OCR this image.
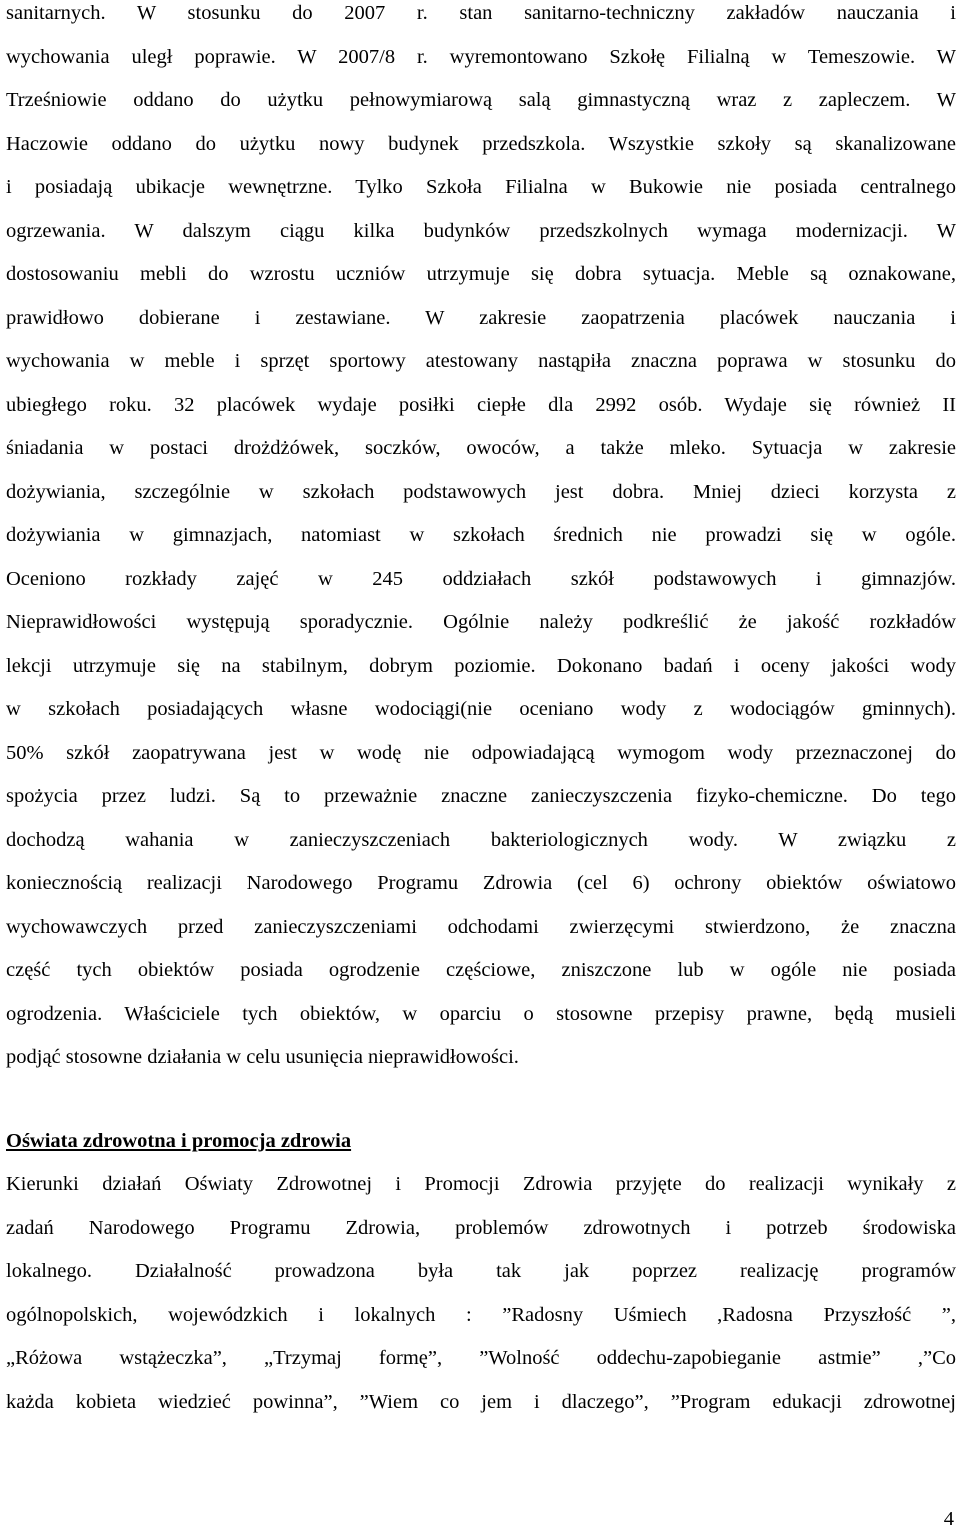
sanitarnych. W stosunku do 2007 r. stan sanitarno-techniczny zakładów nauczania i
wychowania uległ poprawie. W 2007/8 r. wyremontowano Szkołę Filialną w Temeszowie. W
Trześniowie oddano do użytku pełnowymiarową salą gimnastyczną wraz z zapleczem. W
Haczowie oddano do użytku nowy budynek przedszkola. Wszystkie szkoły są skanalizowane
i posiadają ubikacje wewnętrzne. Tylko Szkoła Filialna w Bukowie nie posiada centralnego
ogrzewania. W dalszym ciągu kilka budynków przedszkolnych wymaga modernizacji. W
dostosowaniu mebli do wzrostu uczniów utrzymuje się dobra sytuacja. Meble są oznakowane,
prawidłowo dobierane i zestawiane. W zakresie zaopatrzenia placówek nauczania i
wychowania w meble i sprzęt sportowy atestowany nastąpiła znaczna poprawa w stosunku do
ubiegłego roku. 32 placówek wydaje posiłki ciepłe dla 2992 osób. Wydaje się również II
śniadania w postaci drożdżówek, soczków, owoców, a także mleko. Sytuacja w zakresie
dożywiania, szczególnie w szkołach podstawowych jest dobra. Mniej dzieci korzysta z
dożywiania w gimnazjach, natomiast w szkołach średnich nie prowadzi się w ogóle.
Oceniono rozkłady zajęć w 245 oddziałach szkół podstawowych i gimnazjów.
Nieprawidłowości występują sporadycznie. Ogólnie należy podkreślić że jakość rozkładów
lekcji utrzymuje się na stabilnym, dobrym poziomie. Dokonano badań i oceny jakości wody
w szkołach posiadających własne wodociągi(nie oceniano wody z wodociągów gminnych).
50% szkół zaopatrywana jest w wodę nie odpowiadającą wymogom wody przeznaczonej do
spożycia przez ludzi. Są to przeważnie znaczne zanieczyszczenia fizyko-chemiczne. Do tego
dochodzą wahania w zanieczyszczeniach bakteriologicznych wody. W związku z
koniecznością realizacji Narodowego Programu Zdrowia (cel 6) ochrony obiektów oświatowo
wychowawczych przed zanieczyszczeniami odchodami zwierzęcymi stwierdzono, że znaczna
część tych obiektów posiada ogrodzenie częściowe, zniszczone lub w ogóle nie posiada
ogrodzenia. Właściciele tych obiektów, w oparciu o stosowne przepisy prawne, będą musieli
podjąć stosowne działania w celu usunięcia nieprawidłowości.
Oświata zdrowotna i promocja zdrowia
Kierunki działań Oświaty Zdrowotnej i Promocji Zdrowia przyjęte do realizacji wynikały z
zadań Narodowego Programu Zdrowia, problemów zdrowotnych i potrzeb środowiska
lokalnego. Działalność prowadzona była tak jak poprzez realizację programów
ogólnopolskich, wojewódzkich i lokalnych : ”Radosny Uśmiech ,Radosna Przyszłość ”,
„Różowa wstążeczka”, „Trzymaj formę”, ”Wolność oddechu-zapobieganie astmie” ,”Co
każda kobieta wiedzieć powinna”, ”Wiem co jem i dlaczego”, ”Program edukacji zdrowotnej
4
